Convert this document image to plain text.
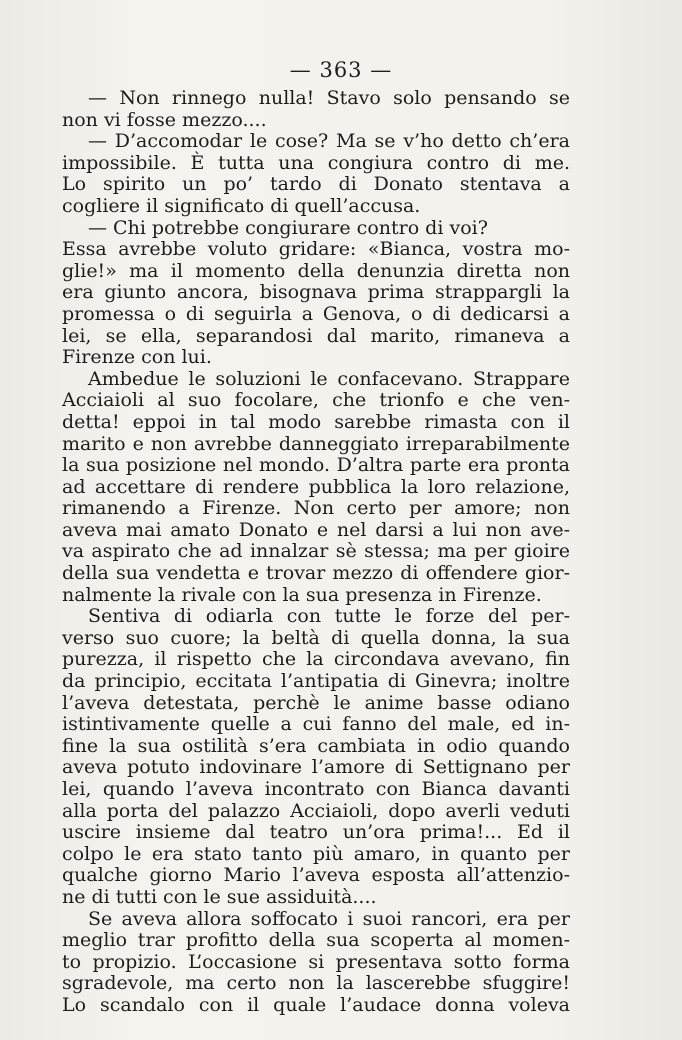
— 363 —
— Non rinnego nulla! Stavo solo pensando se
non vi fosse mezzo....
— D’accomodar le cose? Ma se v’ho detto ch’era
impossibile. È tutta una congiura contro di me.
Lo spirito un po’ tardo di Donato stentava a
cogliere il significato di quell’accusa.
— Chi potrebbe congiurare contro di voi?
Essa avrebbe voluto gridare: «Bianca, vostra mo-
glie!» ma il momento della denunzia diretta non
era giunto ancora, bisognava prima strappargli la
promessa o di seguirla a Genova, o di dedicarsi a
lei, se ella, separandosi dal marito, rimaneva a
Firenze con lui.
Ambedue le soluzioni le confacevano. Strappare
Acciaioli al suo focolare, che trionfo e che ven-
detta! eppoi in tal modo sarebbe rimasta con il
marito e non avrebbe danneggiato irreparabilmente
la sua posizione nel mondo. D’altra parte era pronta
ad accettare di rendere pubblica la loro relazione,
rimanendo a Firenze. Non certo per amore; non
aveva mai amato Donato e nel darsi a lui non ave-
va aspirato che ad innalzar sè stessa; ma per gioire
della sua vendetta e trovar mezzo di offendere gior-
nalmente la rivale con la sua presenza in Firenze.
Sentiva di odiarla con tutte le forze del per-
verso suo cuore; la beltà di quella donna, la sua
purezza, il rispetto che la circondava avevano, fin
da principio, eccitata l’antipatia di Ginevra; inoltre
l’aveva detestata, perchè le anime basse odiano
istintivamente quelle a cui fanno del male, ed in-
fine la sua ostilità s’era cambiata in odio quando
aveva potuto indovinare l’amore di Settignano per
lei, quando l’aveva incontrato con Bianca davanti
alla porta del palazzo Acciaioli, dopo averli veduti
uscire insieme dal teatro un’ora prima!... Ed il
colpo le era stato tanto più amaro, in quanto per
qualche giorno Mario l’aveva esposta all’attenzio-
ne di tutti con le sue assiduità....
Se aveva allora soffocato i suoi rancori, era per
meglio trar profitto della sua scoperta al momen-
to propizio. L’occasione si presentava sotto forma
sgradevole, ma certo non la lascerebbe sfuggire!
Lo scandalo con il quale l’audace donna voleva
